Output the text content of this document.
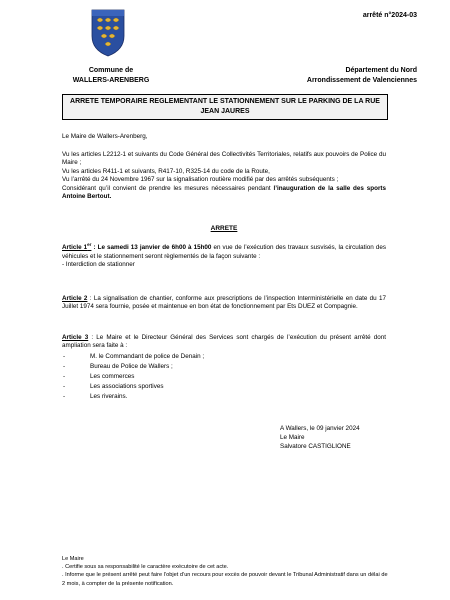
arrêté n°2024-03
Commune de
WALLERS-ARENBERG
Département du Nord
Arrondissement de Valenciennes
ARRETE TEMPORAIRE REGLEMENTANT LE STATIONNEMENT SUR LE PARKING DE LA RUE
JEAN JAURES
Le Maire de Wallers-Arenberg,
Vu les articles L2212-1 et suivants du Code Général des Collectivités Territoriales, relatifs aux pouvoirs de Police du Maire ;
Vu les articles R411-1 et suivants, R417-10, R325-14 du code de la Route,
Vu l’arrêté du 24 Novembre 1967 sur la signalisation routière modifié par des arrêtés subséquents ;
Considérant qu’il convient de prendre les mesures nécessaires pendant l’inauguration de la salle des sports Antoine Bertout.
ARRETE
Article 1er : Le samedi 13 janvier de 6h00 à 15h00 en vue de l’exécution des travaux susvisés, la circulation des véhicules et le stationnement seront règlementés de la façon suivante :
- Interdiction de stationner
Article 2 : La signalisation de chantier, conforme aux prescriptions de l’inspection Interministérielle en date du 17 Juillet 1974 sera fournie, posée et maintenue en bon état de fonctionnement par Ets DUEZ et Compagnie.
Article 3 : Le Maire et le Directeur Général des Services sont chargés de l’exécution du présent arrêté dont ampliation sera faite à :
- M. le Commandant de police de Denain ;
- Bureau de Police de Wallers ;
- Les commerces
- Les associations sportives
- Les riverains.
A Wallers, le 09 janvier 2024
Le Maire
Salvatore CASTIGLIONE
Le Maire
. Certifie sous sa responsabilité le caractère exécutoire de cet acte.
. Informe que le présent arrêté peut faire l’objet d’un recours pour excès de pouvoir devant le Tribunal Administratif dans un délai de 2 mois, à compter de la présente notification.
